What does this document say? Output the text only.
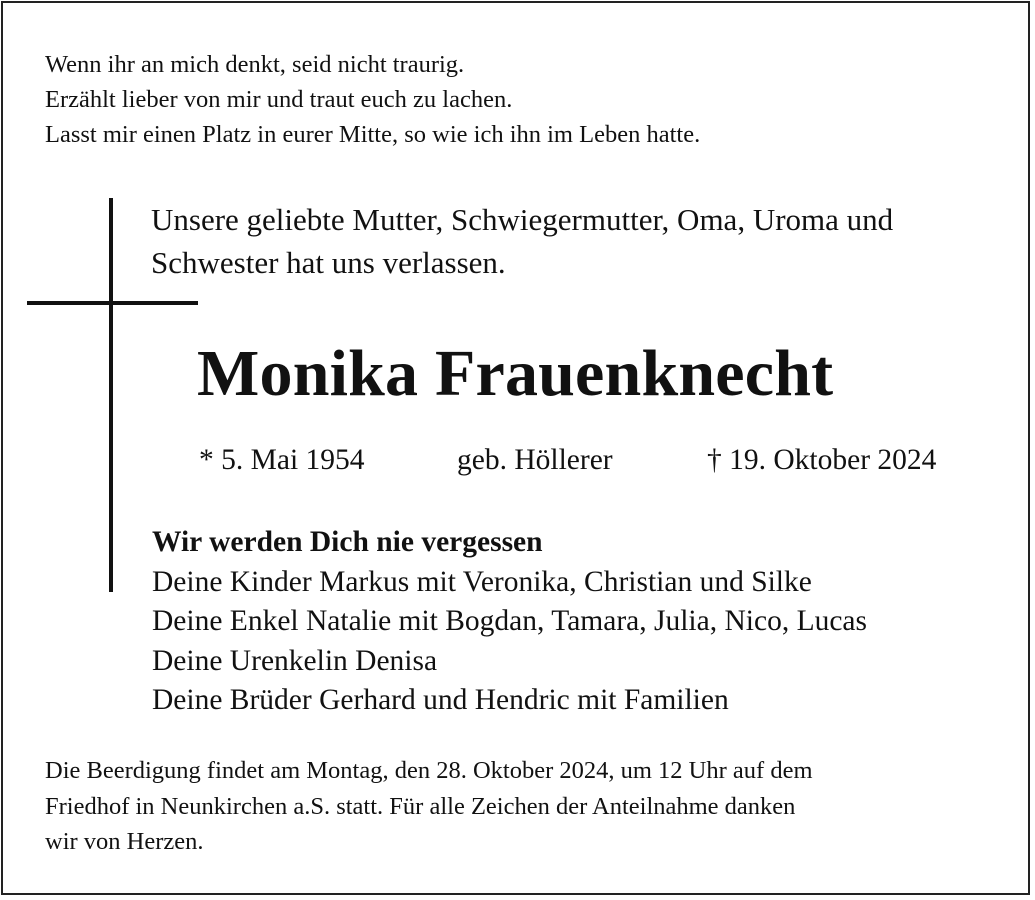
Wenn ihr an mich denkt, seid nicht traurig.
Erzählt lieber von mir und traut euch zu lachen.
Lasst mir einen Platz in eurer Mitte, so wie ich ihn im Leben hatte.
Unsere geliebte Mutter, Schwiegermutter, Oma, Uroma und
Schwester hat uns verlassen.
Monika Frauenknecht
* 5. Mai 1954	geb. Höllerer	† 19. Oktober 2024
Wir werden Dich nie vergessen
Deine Kinder Markus mit Veronika, Christian und Silke
Deine Enkel Natalie mit Bogdan, Tamara, Julia, Nico, Lucas
Deine Urenkelin Denisa
Deine Brüder Gerhard und Hendric mit Familien
Die Beerdigung findet am Montag, den 28. Oktober 2024, um 12 Uhr auf dem
Friedhof in Neunkirchen a.S. statt. Für alle Zeichen der Anteilnahme danken
wir von Herzen.
